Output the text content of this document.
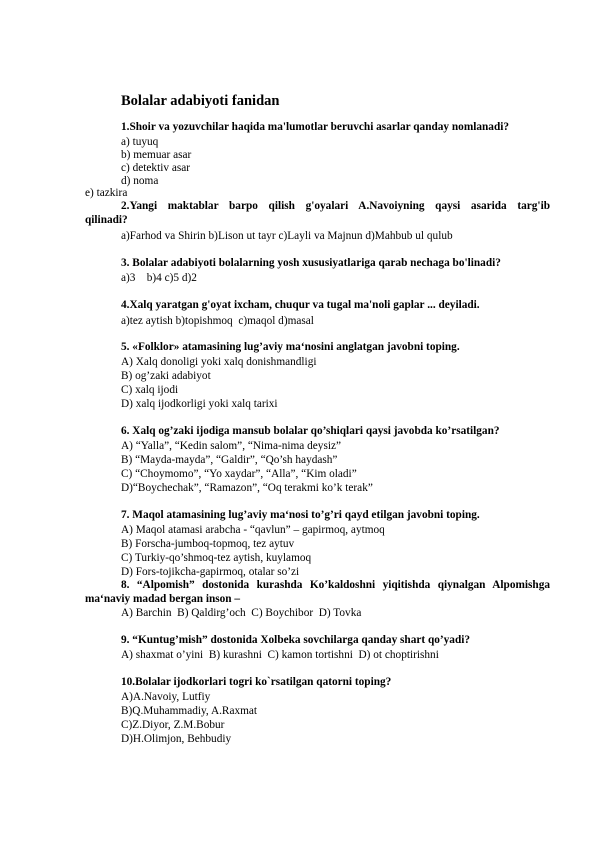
Bolalar adabiyoti fanidan
1.Shoir va yozuvchilar haqida ma'lumotlar beruvchi asarlar qanday nomlanadi?
a) tuyuq
b) memuar asar
c) detektiv asar
d) noma
e) tazkira
2.Yangi maktablar barpo qilish g'oyalari A.Navoiyning qaysi asarida targ'ib
qilinadi?
a)Farhod va Shirin b)Lison ut tayr c)Layli va Majnun d)Mahbub ul qulub
3. Bolalar adabiyoti bolalarning yosh xususiyatlariga qarab nechaga bo'linadi?
a)3    b)4 c)5 d)2
4.Xalq yaratgan g'oyat ixcham, chuqur va tugal ma'noli gaplar ... deyiladi.
a)tez aytish b)topishmoq  c)maqol d)masal
5. «Folklor» atamasining lug’aviy ma‘nosini anglatgan javobni toping.
A) Xalq donoligi yoki xalq donishmandligi
B) og’zaki adabiyot
C) xalq ijodi
D) xalq ijodkorligi yoki xalq tarixi
6. Xalq og’zaki ijodiga mansub bolalar qo’shiqlari qaysi javobda ko’rsatilgan?
A) “Yalla”, “Kedin salom”, “Nima-nima deysiz”
B) “Mayda-mayda”, “Galdir”, “Qo’sh haydash”
C) “Choymomo”, “Yo xaydar”, “Alla”, “Kim oladi”
D)“Boychechak”, “Ramazon”, “Oq terakmi ko’k terak”
7. Maqol atamasining lug’aviy ma‘nosi to’g’ri qayd etilgan javobni toping.
A) Maqol atamasi arabcha - “qavlun” – gapirmoq, aytmoq
B) Forscha-jumboq-topmoq, tez aytuv
C) Turkiy-qo’shmoq-tez aytish, kuylamoq
D) Fors-tojikcha-gapirmoq, otalar so’zi
8. “Alpomish” dostonida kurashda Ko’kaldoshni yiqitishda qiynalgan Alpomishga
ma‘naviy madad bergan inson –
A) Barchin  B) Qaldirg’och  C) Boychibor  D) Tovka
9. “Kuntug’mish” dostonida Xolbeka sovchilarga qanday shart qo’yadi?
A) shaxmat o’yini  B) kurashni  C) kamon tortishni  D) ot choptirishni
10.Bolalar ijodkorlari togri ko`rsatilgan qatorni toping?
A)A.Navoiy, Lutfiy
B)Q.Muhammadiy, A.Raxmat
C)Z.Diyor, Z.M.Bobur
D)H.Olimjon, Behbudiy
